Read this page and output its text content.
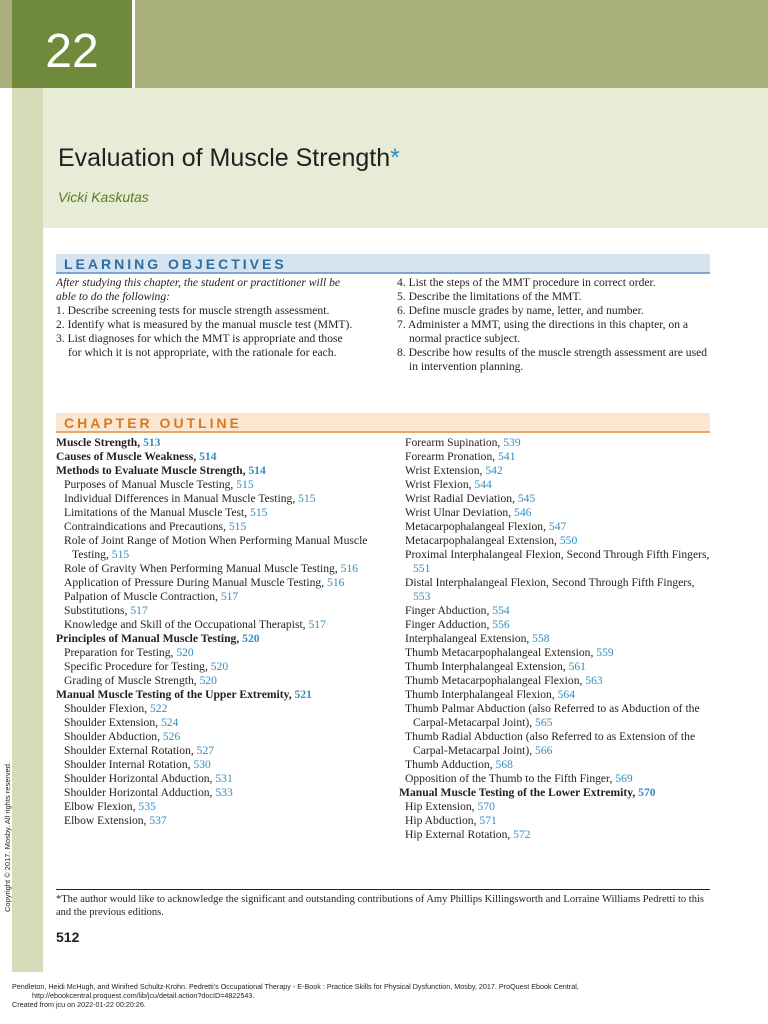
22
Evaluation of Muscle Strength*
Vicki Kaskutas
LEARNING OBJECTIVES
After studying this chapter, the student or practitioner will be able to do the following:
1. Describe screening tests for muscle strength assessment.
2. Identify what is measured by the manual muscle test (MMT).
3. List diagnoses for which the MMT is appropriate and those for which it is not appropriate, with the rationale for each.
4. List the steps of the MMT procedure in correct order.
5. Describe the limitations of the MMT.
6. Define muscle grades by name, letter, and number.
7. Administer a MMT, using the directions in this chapter, on a normal practice subject.
8. Describe how results of the muscle strength assessment are used in intervention planning.
CHAPTER OUTLINE
Muscle Strength, 513
Causes of Muscle Weakness, 514
Methods to Evaluate Muscle Strength, 514
Purposes of Manual Muscle Testing, 515
Individual Differences in Manual Muscle Testing, 515
Limitations of the Manual Muscle Test, 515
Contraindications and Precautions, 515
Role of Joint Range of Motion When Performing Manual Muscle Testing, 515
Role of Gravity When Performing Manual Muscle Testing, 516
Application of Pressure During Manual Muscle Testing, 516
Palpation of Muscle Contraction, 517
Substitutions, 517
Knowledge and Skill of the Occupational Therapist, 517
Principles of Manual Muscle Testing, 520
Preparation for Testing, 520
Specific Procedure for Testing, 520
Grading of Muscle Strength, 520
Manual Muscle Testing of the Upper Extremity, 521
Shoulder Flexion, 522
Shoulder Extension, 524
Shoulder Abduction, 526
Shoulder External Rotation, 527
Shoulder Internal Rotation, 530
Shoulder Horizontal Abduction, 531
Shoulder Horizontal Adduction, 533
Elbow Flexion, 535
Elbow Extension, 537
Forearm Supination, 539
Forearm Pronation, 541
Wrist Extension, 542
Wrist Flexion, 544
Wrist Radial Deviation, 545
Wrist Ulnar Deviation, 546
Metacarpophalangeal Flexion, 547
Metacarpophalangeal Extension, 550
Proximal Interphalangeal Flexion, Second Through Fifth Fingers, 551
Distal Interphalangeal Flexion, Second Through Fifth Fingers, 553
Finger Abduction, 554
Finger Adduction, 556
Interphalangeal Extension, 558
Thumb Metacarpophalangeal Extension, 559
Thumb Interphalangeal Extension, 561
Thumb Metacarpophalangeal Flexion, 563
Thumb Interphalangeal Flexion, 564
Thumb Palmar Abduction (also Referred to as Abduction of the Carpal-Metacarpal Joint), 565
Thumb Radial Abduction (also Referred to as Extension of the Carpal-Metacarpal Joint), 566
Thumb Adduction, 568
Opposition of the Thumb to the Fifth Finger, 569
Manual Muscle Testing of the Lower Extremity, 570
Hip Extension, 570
Hip Abduction, 571
Hip External Rotation, 572
*The author would like to acknowledge the significant and outstanding contributions of Amy Phillips Killingsworth and Lorraine Williams Pedretti to this and the previous editions.
512
Copyright © 2017. Mosby. All rights reserved.
Pendleton, Heidi McHugh, and Winifred Schultz-Krohn. Pedretti's Occupational Therapy - E-Book : Practice Skills for Physical Dysfunction, Mosby, 2017. ProQuest Ebook Central,
http://ebookcentral.proquest.com/lib/jcu/detail.action?docID=4822543.
Created from jcu on 2022-01-22 00:20:26.
